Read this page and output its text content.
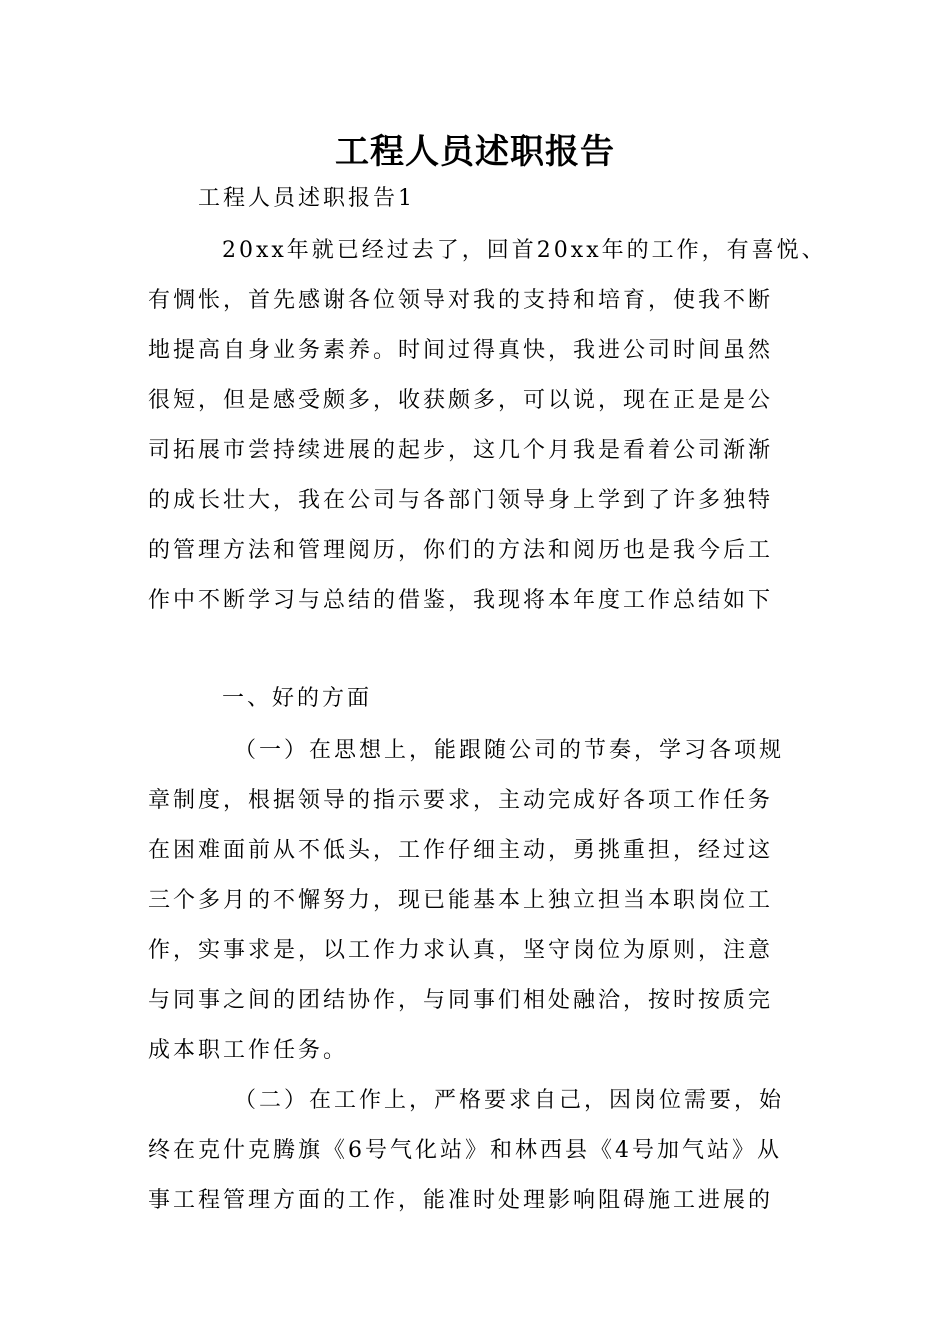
工程人员述职报告
工程人员述职报告1
20xx年就已经过去了，回首20xx年的工作，有喜悦、
有惆怅，首先感谢各位领导对我的支持和培育，使我不断
地提高自身业务素养。时间过得真快，我进公司时间虽然
很短，但是感受颇多，收获颇多，可以说，现在正是是公
司拓展市尝持续进展的起步，这几个月我是看着公司渐渐
的成长壮大，我在公司与各部门领导身上学到了许多独特
的管理方法和管理阅历，你们的方法和阅历也是我今后工
作中不断学习与总结的借鉴，我现将本年度工作总结如下
一、好的方面
（一）在思想上，能跟随公司的节奏，学习各项规
章制度，根据领导的指示要求，主动完成好各项工作任务
在困难面前从不低头，工作仔细主动，勇挑重担，经过这
三个多月的不懈努力，现已能基本上独立担当本职岗位工
作，实事求是，以工作力求认真，坚守岗位为原则，注意
与同事之间的团结协作，与同事们相处融洽，按时按质完
成本职工作任务。
（二）在工作上，严格要求自己，因岗位需要，始
终在克什克腾旗《6号气化站》和林西县《4号加气站》从
事工程管理方面的工作，能准时处理影响阻碍施工进展的
